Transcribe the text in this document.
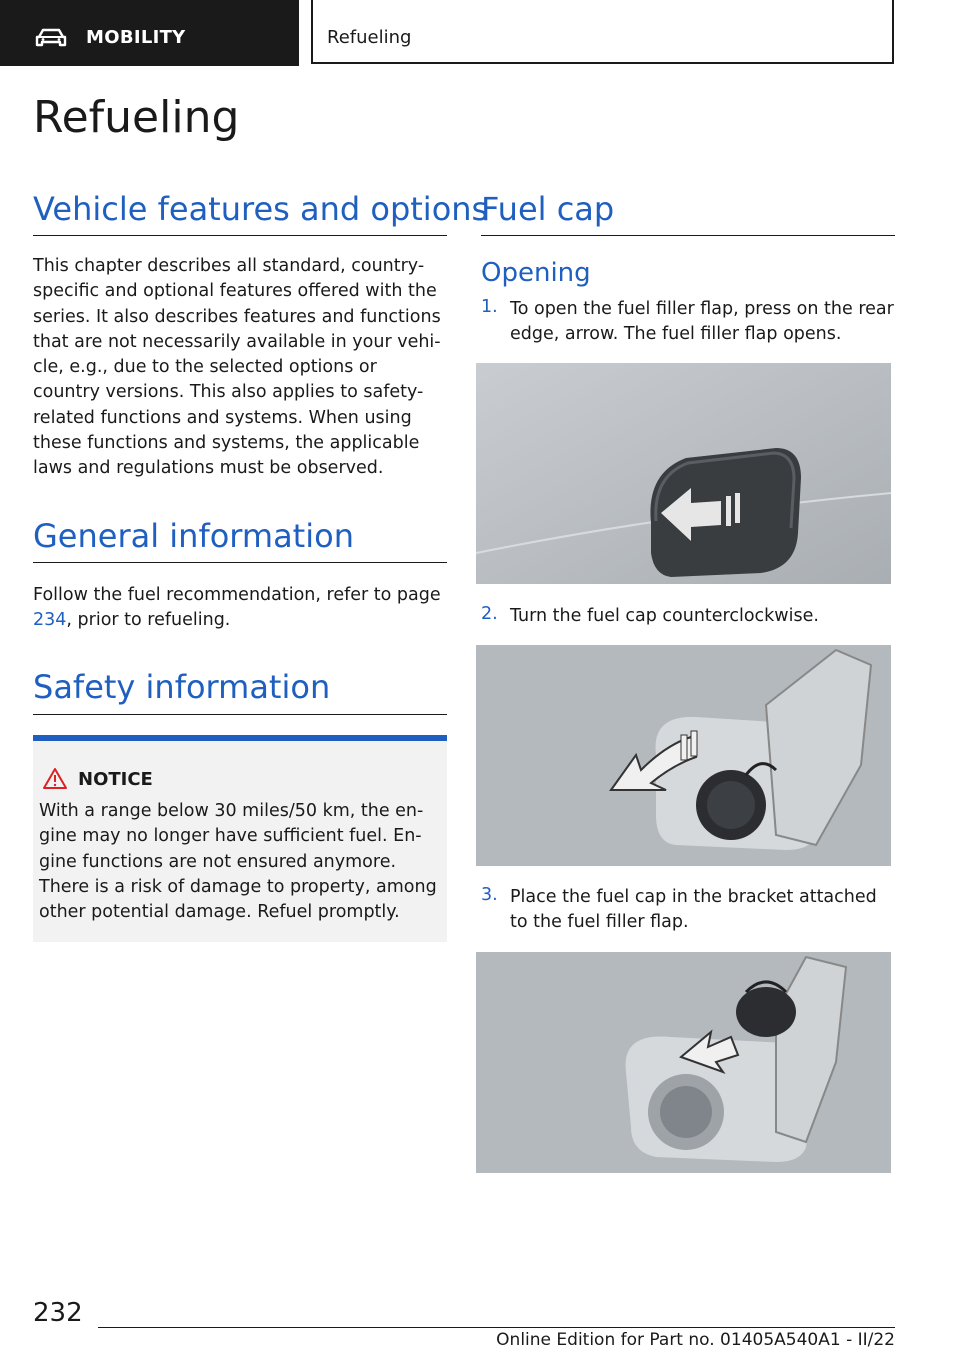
MOBILITY	Refueling
Refueling
Vehicle features and options

This chapter describes all standard, country-specific and optional features offered with the series. It also describes features and functions that are not necessarily available in your vehi‐cle, e.g., due to the selected options or country versions. This also applies to safety-related functions and systems. When using these functions and systems, the applicable laws and regulations must be observed.

General information

Follow the fuel recommendation, refer to page 234, prior to refueling.

Safety information
NOTICE

With a range below 30 miles/50 km, the en‐gine may no longer have sufficient fuel. En‐gine functions are not ensured anymore. There is a risk of damage to property, among other potential damage. Refuel promptly.

Fuel cap
Opening
1. To open the fuel filler flap, press on the rear edge, arrow. The fuel filler flap opens.

2. Turn the fuel cap counterclockwise.

3. Place the fuel cap in the bracket attached to the fuel filler flap.

232
Online Edition for Part no. 01405A540A1 - II/22
